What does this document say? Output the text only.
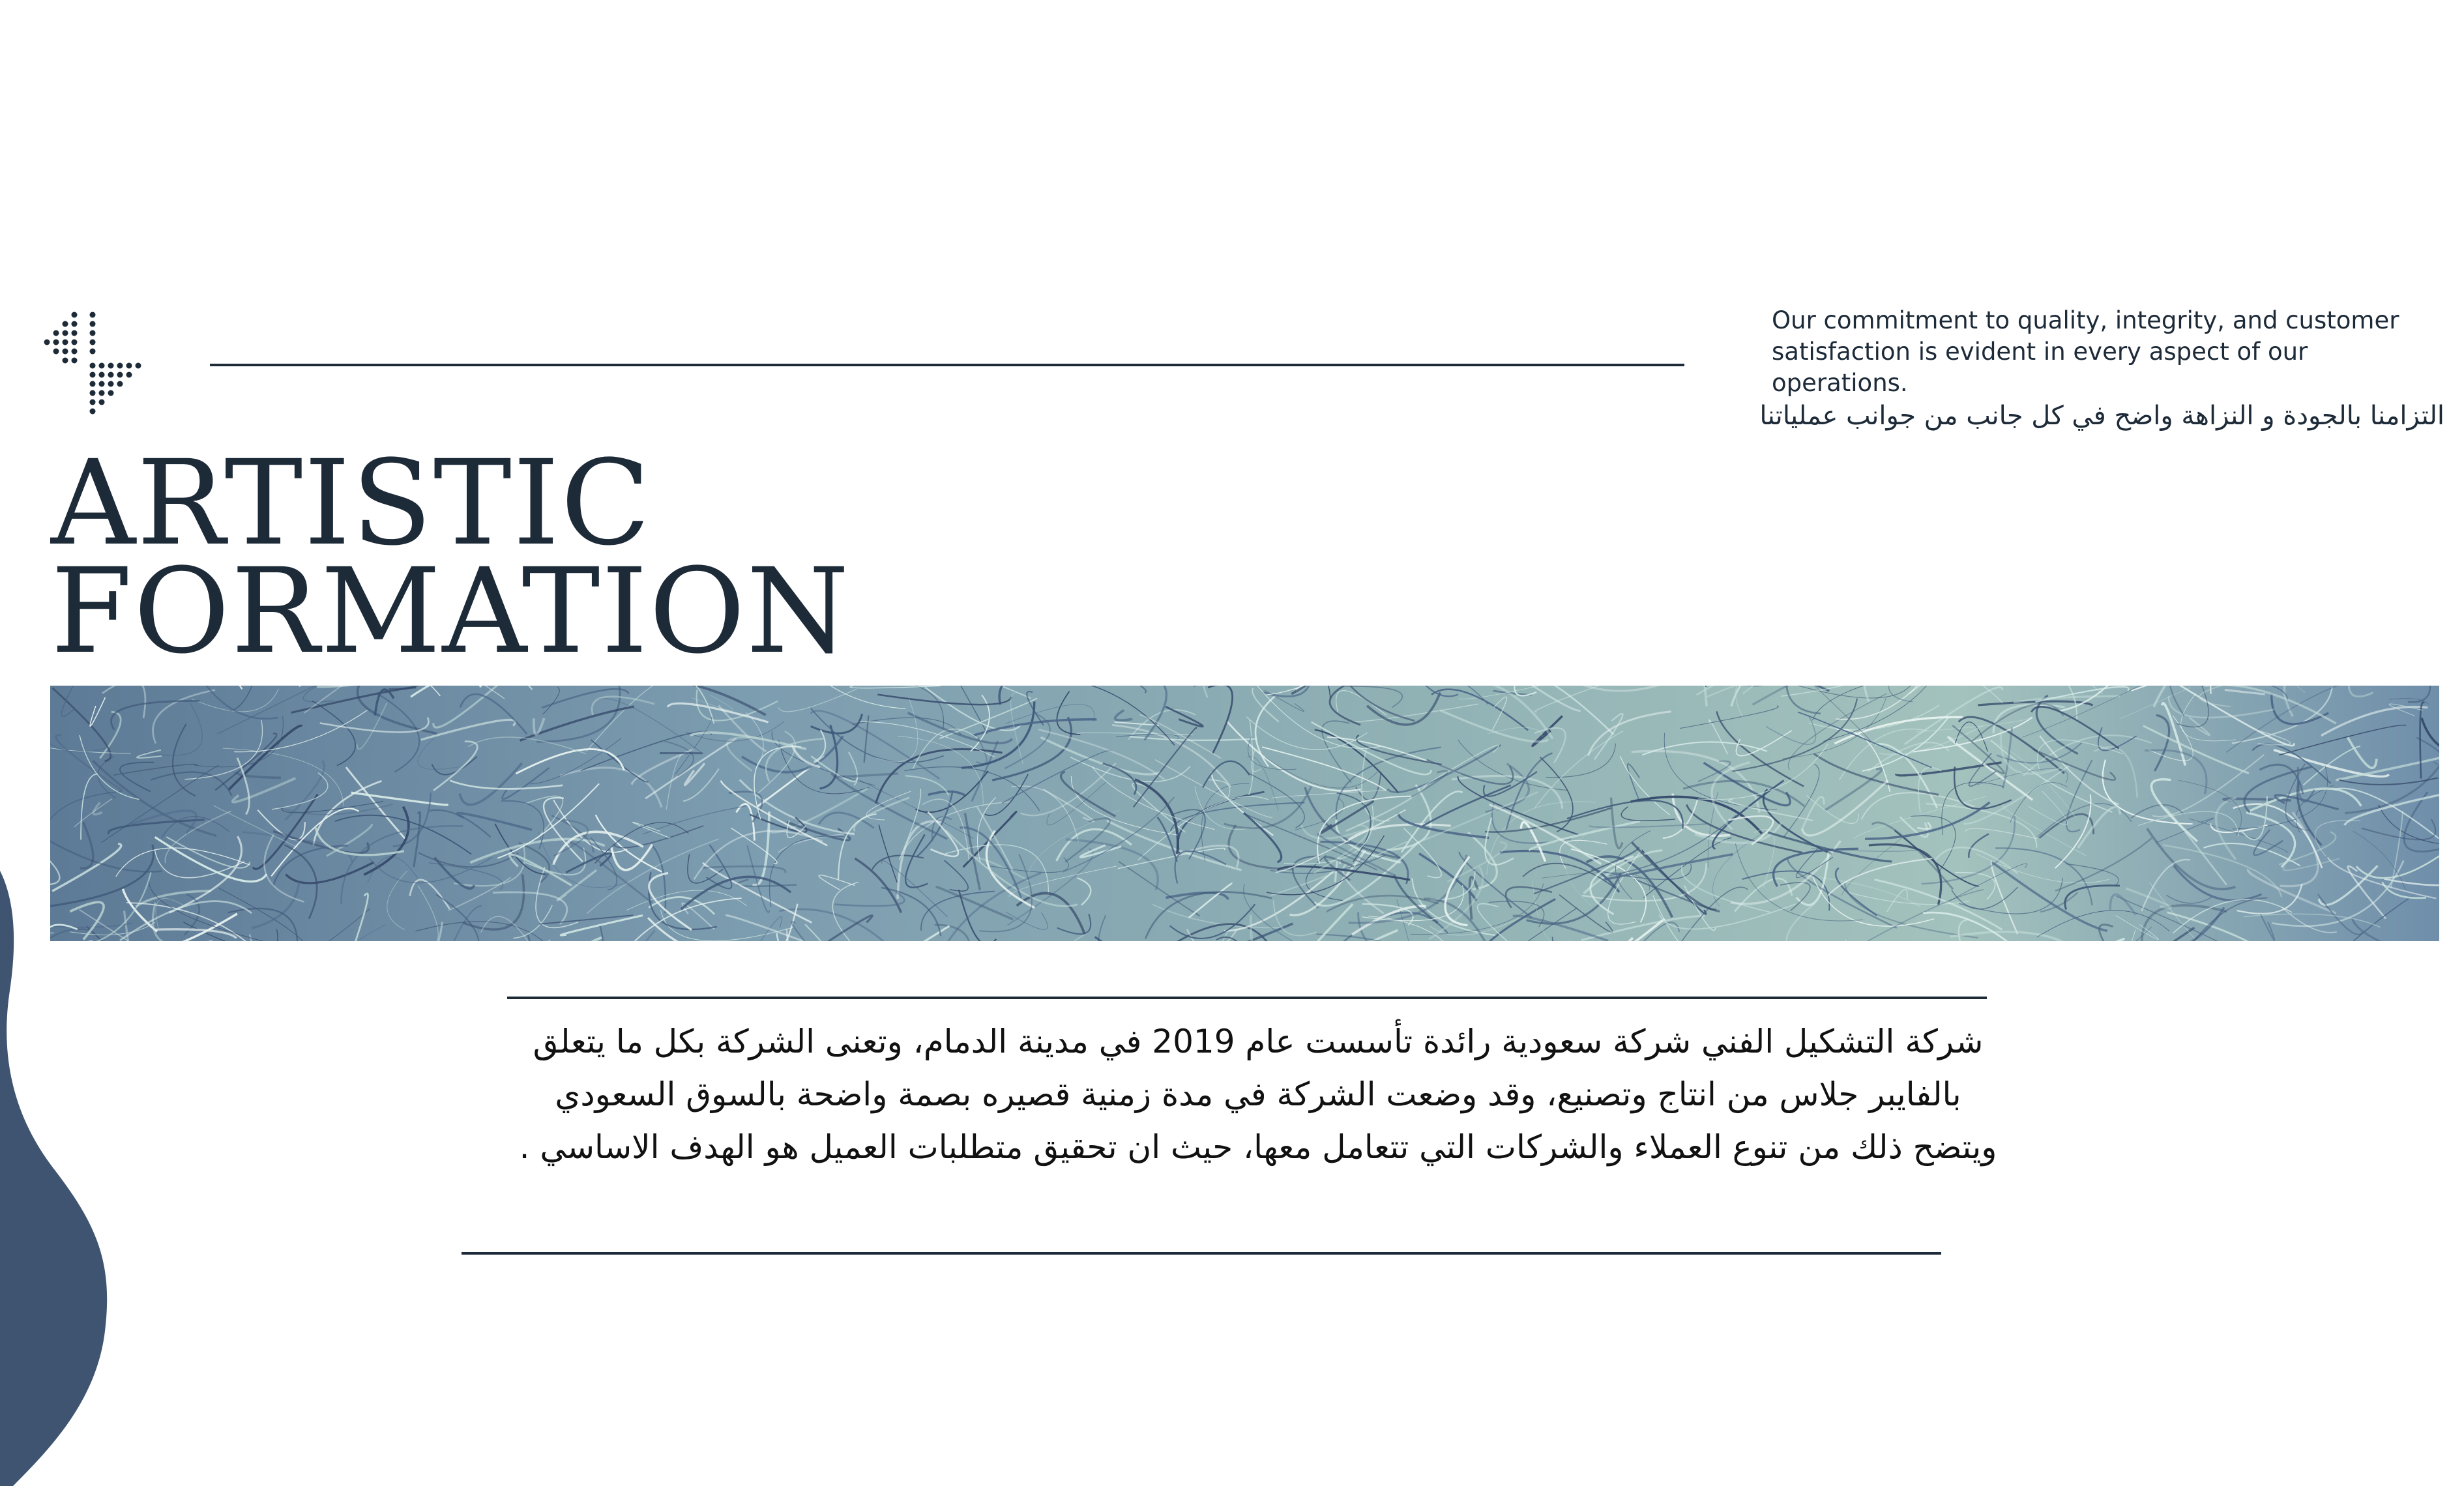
Our commitment to quality, integrity, and customer satisfaction is evident in every aspect of our operations.
التزامنا بالجودة و النزاهة واضح في كل جانب من جوانب عملياتنا
ARTISTIC
FORMATION
شركة التشكيل الفني شركة سعودية رائدة تأسست عام 2019 في مدينة الدمام، وتعنى الشركة بكل ما يتعلق بالفايبر جلاس من انتاج وتصنيع، وقد وضعت الشركة في مدة زمنية قصيره بصمة واضحة بالسوق السعودي ويتضح ذلك من تنوع العملاء والشركات التي تتعامل معها، حيث ان تحقيق متطلبات العميل هو الهدف الاساسي .
